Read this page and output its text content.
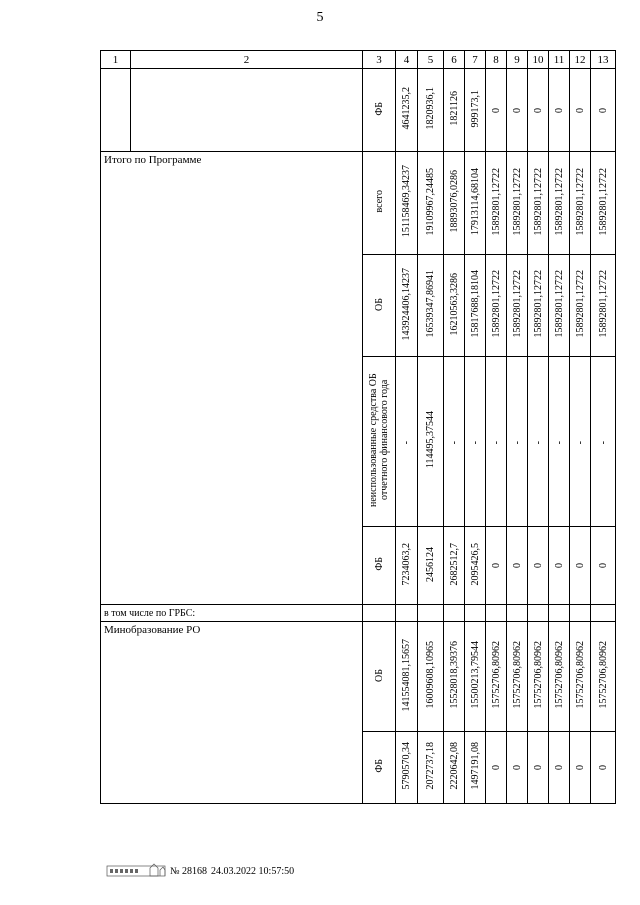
5
1	2	3	4	5	6	7	8	9	10	11	12	13
		ФБ	4641235,2	1820936,1	1821126	999173,1	0	0	0	0	0	0
Итого по Программе		всего	151158469,34237	19109967,24485	18893076,0286	17913114,68104	15892801,12722	15892801,12722	15892801,12722	15892801,12722	15892801,12722	15892801,12722
		ОБ	143924406,14237	16539347,86941	16210563,3286	15817688,18104	15892801,12722	15892801,12722	15892801,12722	15892801,12722	15892801,12722	15892801,12722
		неиспользованные средства ОБ отчетного финансового года	-	114495,37544	-	-	-	-	-	-	-	-
		ФБ	7234063,2	2456124	2682512,7	2095426,5	0	0	0	0	0	0
в том числе по ГРБС:												
Минобразование РО		ОБ	141554081,15657	16009608,10965	15528018,39376	15500213,79544	15752706,80962	15752706,80962	15752706,80962	15752706,80962	15752706,80962	15752706,80962
		ФБ	5790570,34	2072737,18	2220642,08	1497191,08	0	0	0	0	0	0
№ 28168 24.03.2022 10:57:50
